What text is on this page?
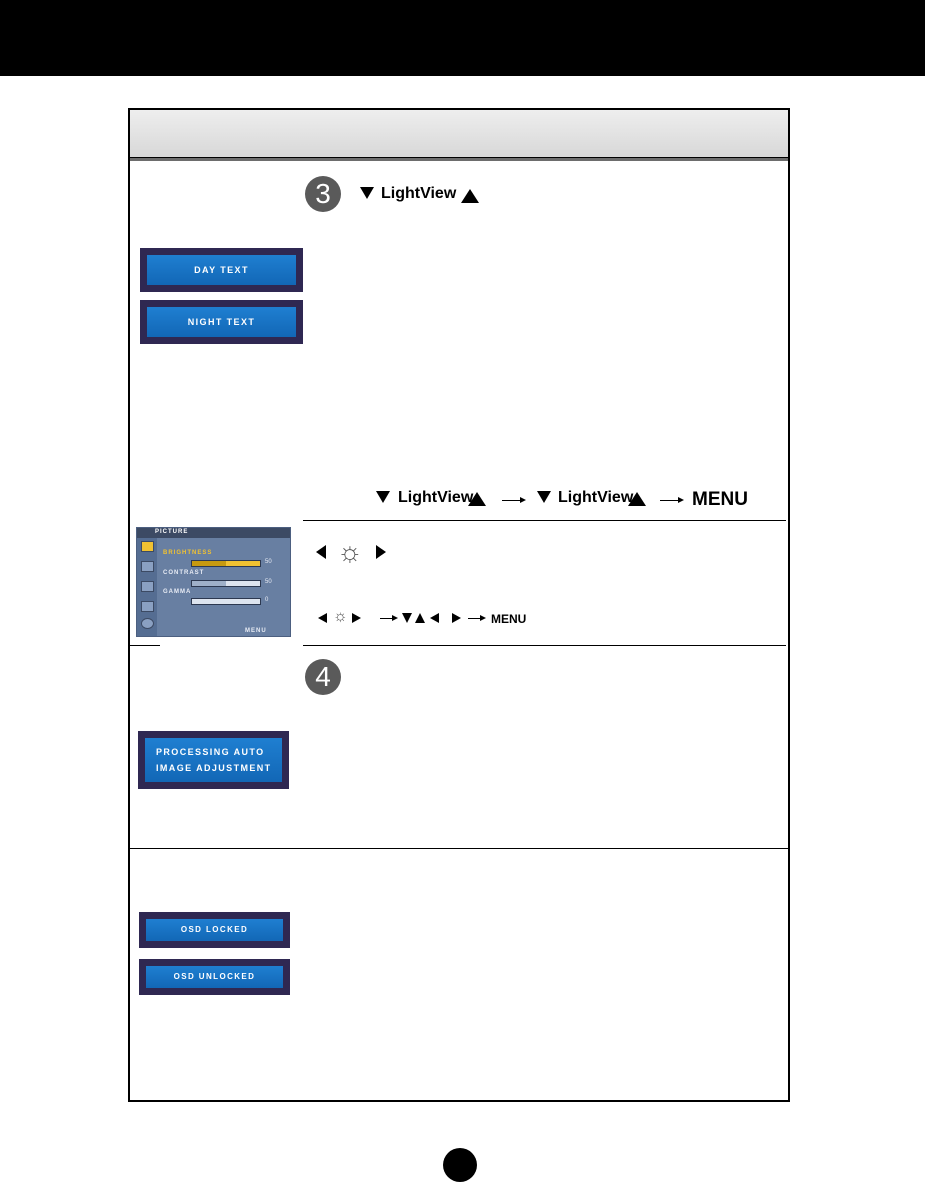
3	LightView
DAY TEXT
NIGHT TEXT
LightView	LightView	MENU
PICTURE
BRIGHTNESS
50
CONTRAST
50
GAMMA
0
MENU
☼
☼	MENU
4
PROCESSING AUTO
IMAGE ADJUSTMENT
OSD LOCKED
OSD UNLOCKED
